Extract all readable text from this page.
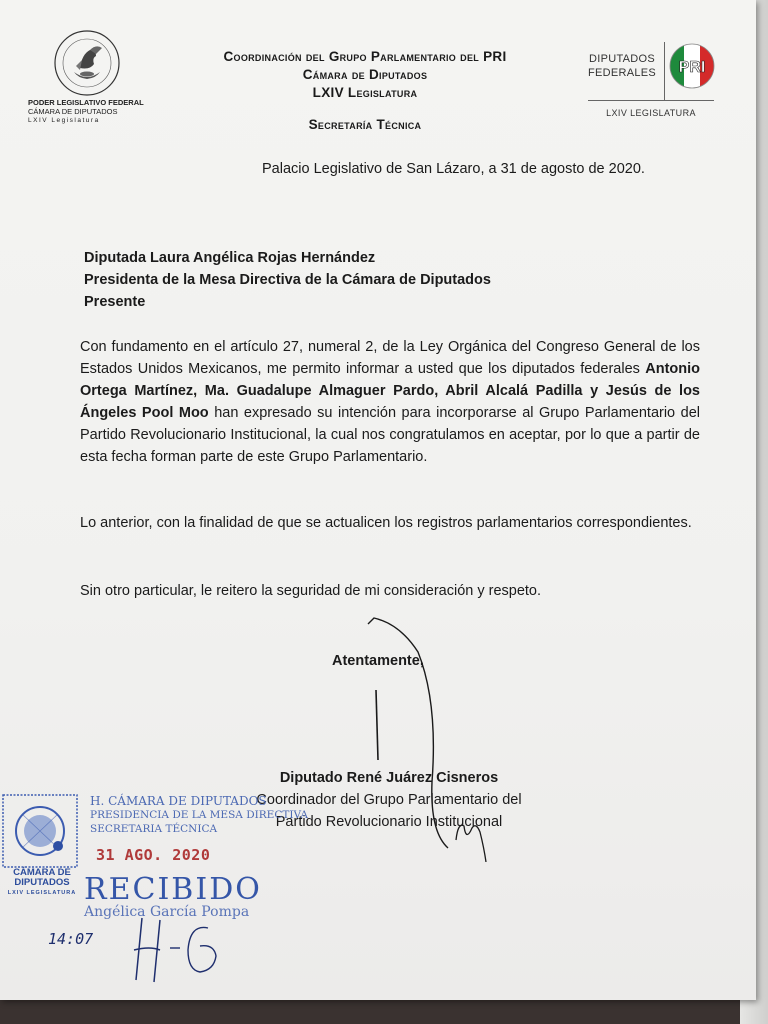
PODER LEGISLATIVO FEDERAL
CÁMARA DE DIPUTADOS
LXIV Legislatura
Coordinación del Grupo Parlamentario del PRI
Cámara de Diputados
LXIV Legislatura
Secretaría Técnica
DIPUTADOS
FEDERALES PRI
LXIV LEGISLATURA

Palacio Legislativo de San Lázaro, a 31 de agosto de 2020.
Diputada Laura Angélica Rojas Hernández
Presidenta de la Mesa Directiva de la Cámara de Diputados
Presente
Con fundamento en el artículo 27, numeral 2, de la Ley Orgánica del Congreso General de los Estados Unidos Mexicanos, me permito informar a usted que los diputados federales Antonio Ortega Martínez, Ma. Guadalupe Almaguer Pardo, Abril Alcalá Padilla y Jesús de los Ángeles Pool Moo han expresado su intención para incorporarse al Grupo Parlamentario del Partido Revolucionario Institucional, la cual nos congratulamos en aceptar, por lo que a partir de esta fecha forman parte de este Grupo Parlamentario.
Lo anterior, con la finalidad de que se actualicen los registros parlamentarios correspondientes.
Sin otro particular, le reitero la seguridad de mi consideración y respeto.
Atentamente,
Diputado René Juárez Cisneros
Coordinador del Grupo Parlamentario del
Partido Revolucionario Institucional
CÁMARA DE
DIPUTADOS
LXIV LEGISLATURA
H. CÁMARA DE DIPUTADOS
PRESIDENCIA DE LA MESA DIRECTIVA
SECRETARIA TÉCNICA
31 AGO. 2020
RECIBIDO
Angélica García Pompa
14:07
